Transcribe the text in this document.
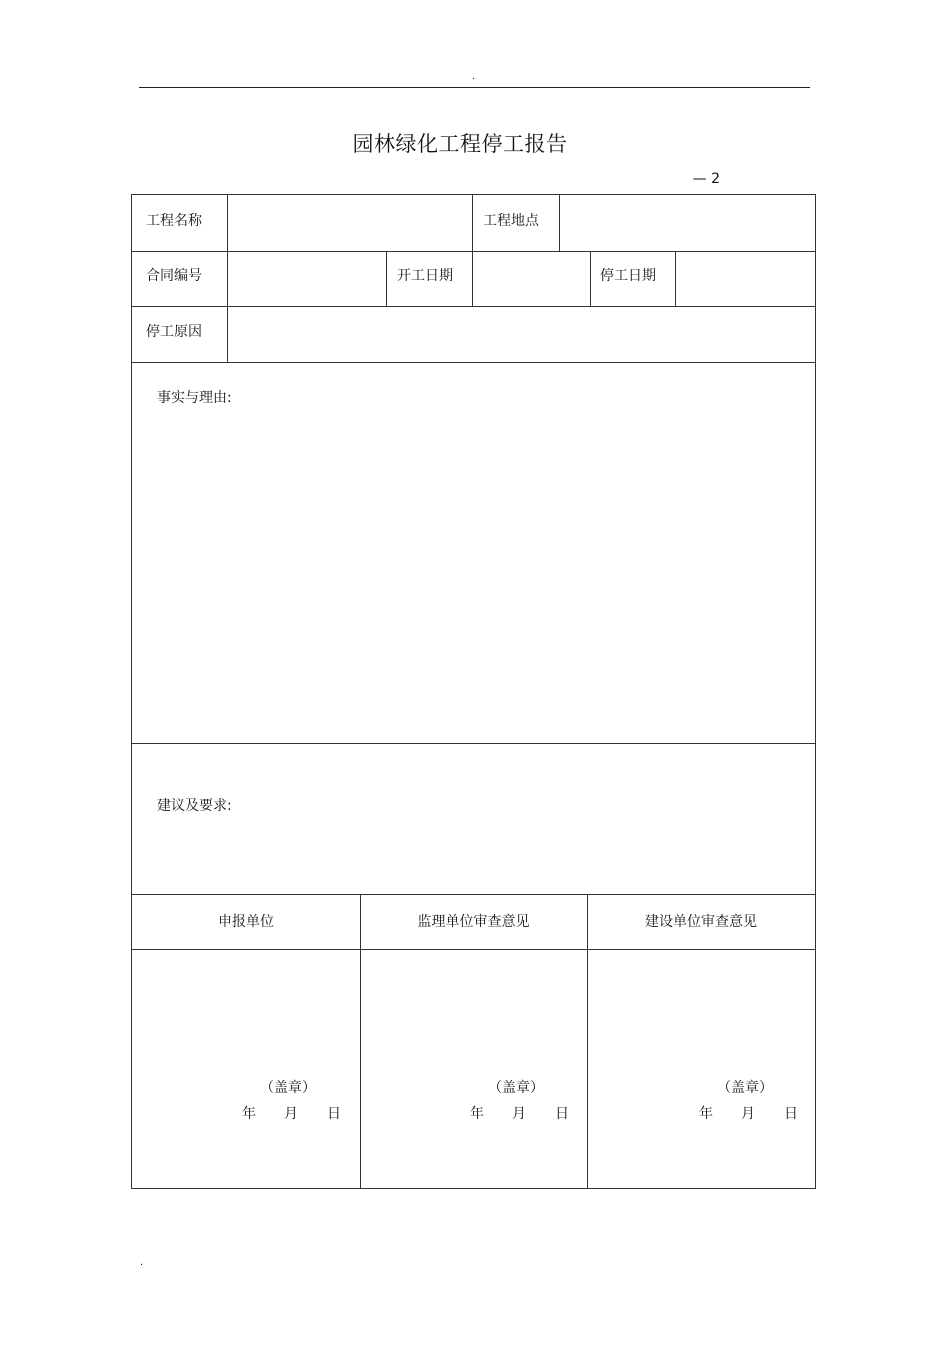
.
园林绿化工程停工报告
— 2
工程名称	工程地点
合同编号	开工日期	停工日期
停工原因
事实与理由:
建议及要求:
申报单位	监理单位审查意见	建设单位审查意见
（盖章）
年 月 日
（盖章）
年 月 日
（盖章）
年 月 日
.
